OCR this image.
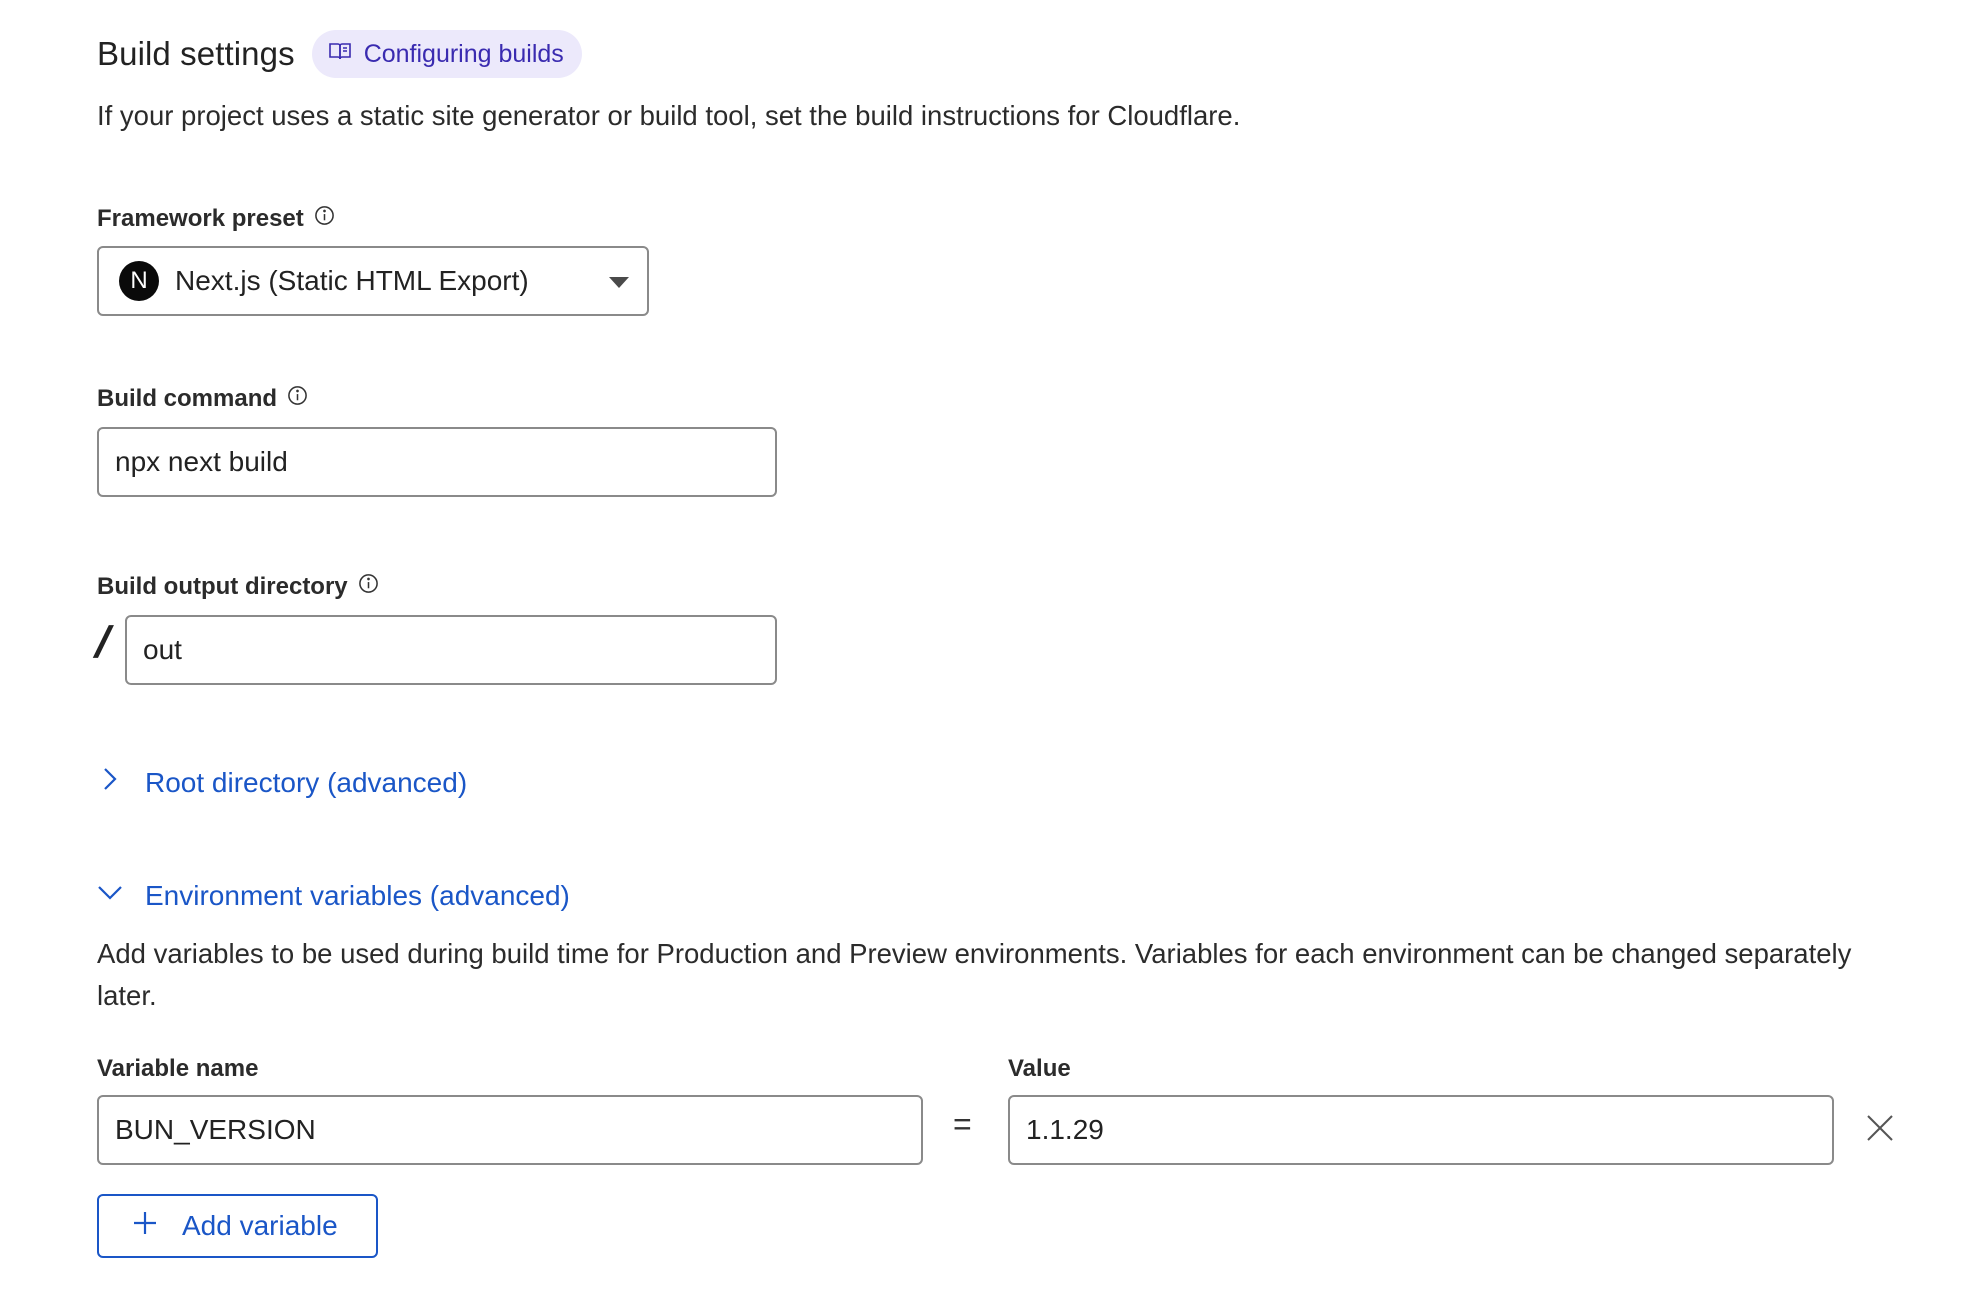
Build settings	Configuring builds

If your project uses a static site generator or build tool, set the build instructions for Cloudflare.

Framework preset
N Next.js (Static HTML Export)
Build command
npx next build
Build output directory
/
out
Root directory (advanced)
Environment variables (advanced)

Add variables to be used during build time for Production and Preview environments. Variables for each environment can be changed separately later.

Variable name	Value
BUN_VERSION
=
1.1.29
Add variable
